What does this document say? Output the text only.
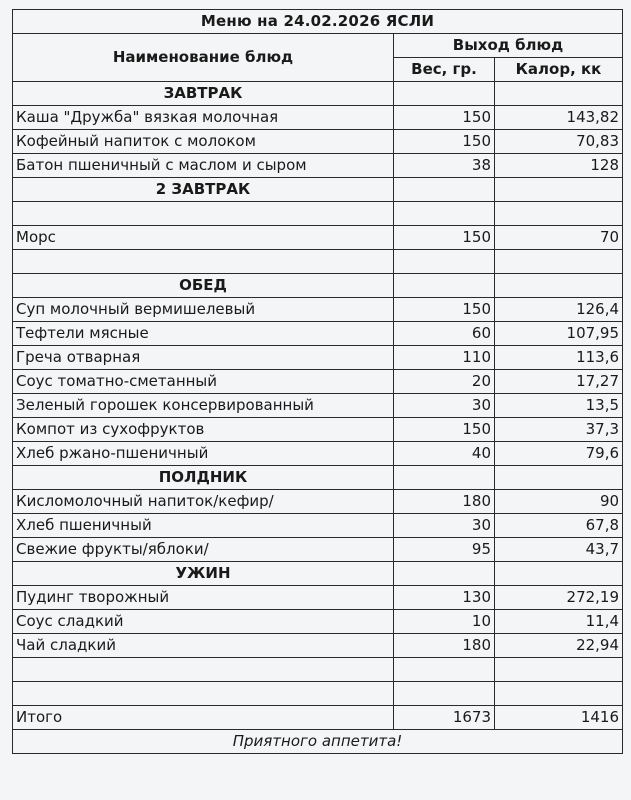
Меню на 24.02.2026 ЯСЛИ		
Наименование блюд	Выход блюд	
	Вес, гр.	Калор, кк
ЗАВТРАК		
Каша "Дружба" вязкая молочная	150	143,82
Кофейный напиток с молоком	150	70,83
Батон пшеничный с маслом и сыром	38	128
2 ЗАВТРАК		

Морс	150	70

ОБЕД		
Суп молочный вермишелевый	150	126,4
Тефтели мясные	60	107,95
Греча отварная	110	113,6
Соус томатно-сметанный	20	17,27
Зеленый горошек консервированный	30	13,5
Компот из сухофруктов	150	37,3
Хлеб ржано-пшеничный	40	79,6
ПОЛДНИК		
Кисломолочный напиток/кефир/	180	90
Хлеб пшеничный	30	67,8
Свежие фрукты/яблоки/	95	43,7
УЖИН		
Пудинг творожный	130	272,19
Соус сладкий	10	11,4
Чай сладкий	180	22,94

Итого	1673	1416
Приятного аппетита!		
